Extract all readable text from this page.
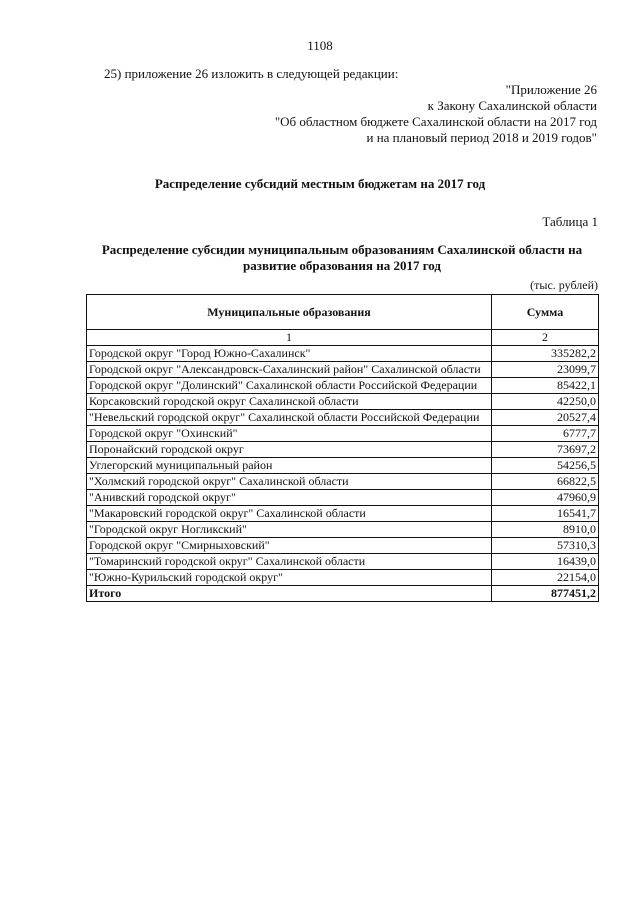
1108
25) приложение 26 изложить в следующей редакции:
"Приложение 26
к Закону Сахалинской области
"Об областном бюджете Сахалинской области на 2017 год
и на плановый период 2018 и 2019 годов"
Распределение субсидий местным бюджетам на 2017 год
Таблица 1
Распределение субсидии муниципальным образованиям Сахалинской области на развитие образования на 2017 год
(тыс. рублей)
Муниципальные образования	Сумма
1	2
Городской округ "Город Южно-Сахалинск"	335282,2
Городской округ "Александровск-Сахалинский район" Сахалинской области	23099,7
Городской округ "Долинский" Сахалинской области Российской Федерации	85422,1
Корсаковский городской округ Сахалинской области	42250,0
"Невельский городской округ" Сахалинской области Российской Федерации	20527,4
Городской округ "Охинский"	6777,7
Поронайский городской округ	73697,2
Углегорский муниципальный район	54256,5
"Холмский городской округ" Сахалинской области	66822,5
"Анивский городской округ"	47960,9
"Макаровский городской округ" Сахалинской области	16541,7
"Городской округ Ногликский"	8910,0
Городской округ "Смирныховский"	57310,3
"Томаринский городской округ" Сахалинской области	16439,0
"Южно-Курильский городской округ"	22154,0
Итого	877451,2
